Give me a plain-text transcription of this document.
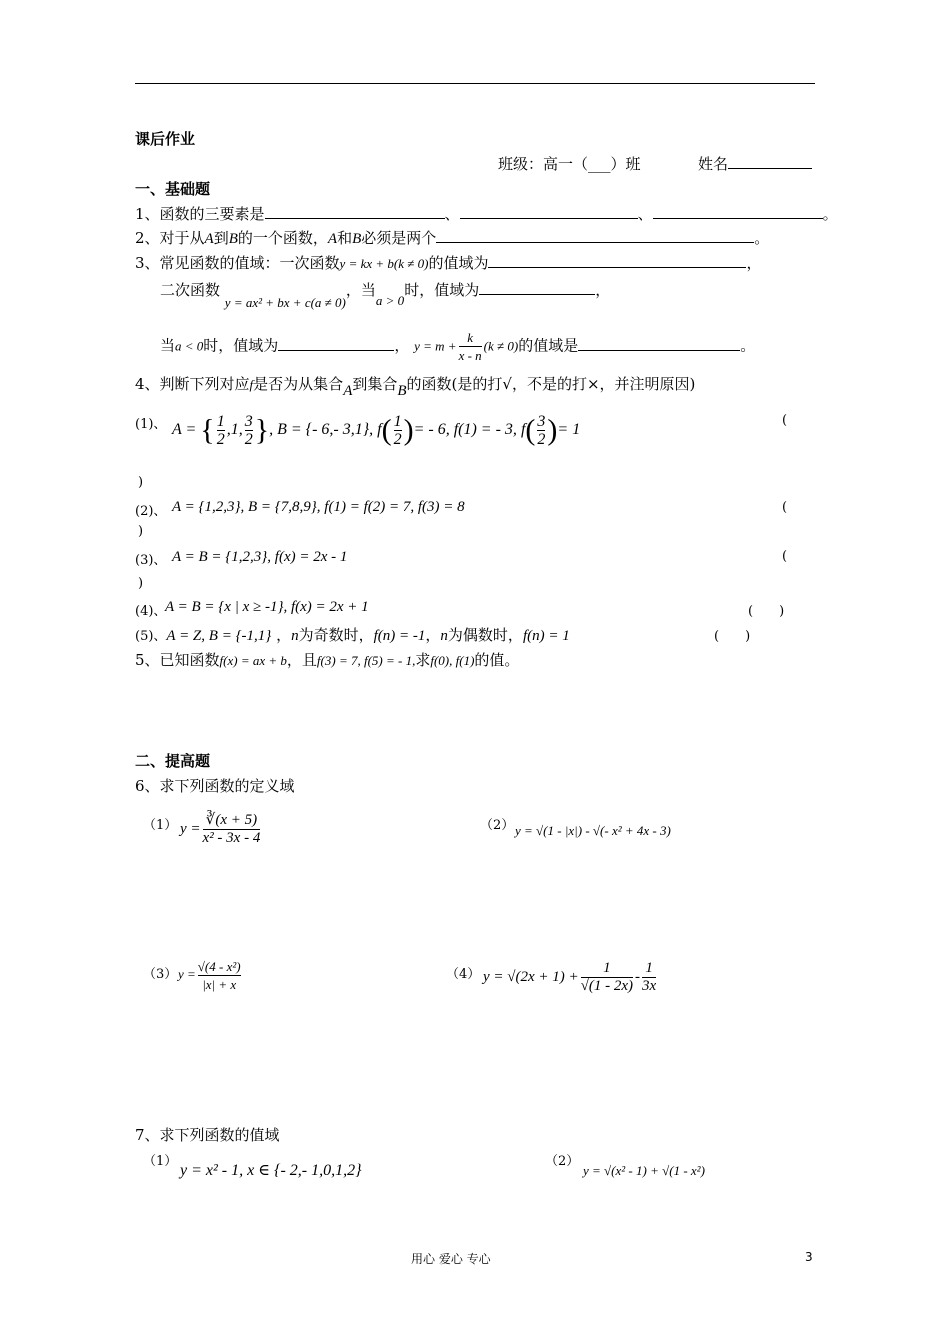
课后作业
班级：高一（___）班	姓名
一、基础题
1、函数的三要素是	、	、	。
2、对于从A到B的一个函数，A和B必须是两个	。
3、常见函数的值域：一次函数y = kx + b(k ≠ 0)的值域为	，
二次函数 y = ax² + bx + c(a ≠ 0)，当a > 0时，值域为	，
当a < 0时，值域为	， $y = m + \frac{k}{x - n} (k \ne 0)$的值域是	。
4、判断下列对应f是否为从集合A到集合B的函数(是的打√，不是的打×，并注明原因)
(1)、 A = { $\frac{1}{2} ,1$, $\frac{3}{2}$ }, B = {- 6,- 3,1}, $f( \frac{1}{2}$ )= - 6, f(1) = - 3, $f( \frac{3}{2}$ )= 1
(
)
(2)、 A = {1,2,3}, B = {7,8,9}, f(1) = f(2) = 7, f(3) = 8	(
)
(3)、 A = B = {1,2,3}, f(x) = 2x - 1	(
)
(4)、
A = B = {x | x ≥ -1}, f(x) = 2x + 1	(　　)
(5)、A = Z, B = {-1,1} ，n为奇数时，f(n) = -1，n为偶数时，f(n) = 1	(　　)
5、已知函数f(x) = ax + b，且f(3) = 7, f(5) = - 1,求f(0), f(1)的值。
二、提高题
6、求下列函数的定义域
（1） $y = \frac{∛(x + 5)}{\text{x² - 3x - 4}}$	（2） y = √(1 - |x|) - √(- x² + 4x - 3)
（3） $y = \frac{\text{√(4 - x²)}}{|x| + x}$	（4） $y = √(2x + 1) + \frac{1}{√(1 - 2x)} - \frac{1}{3x}$
7、求下列函数的值域
（1）
y = x² - 1, x ∈ {- 2,- 1,0,1,2}
（2）
y = √(x² - 1) + √(1 - x²)
用心 爱心 专心	3
